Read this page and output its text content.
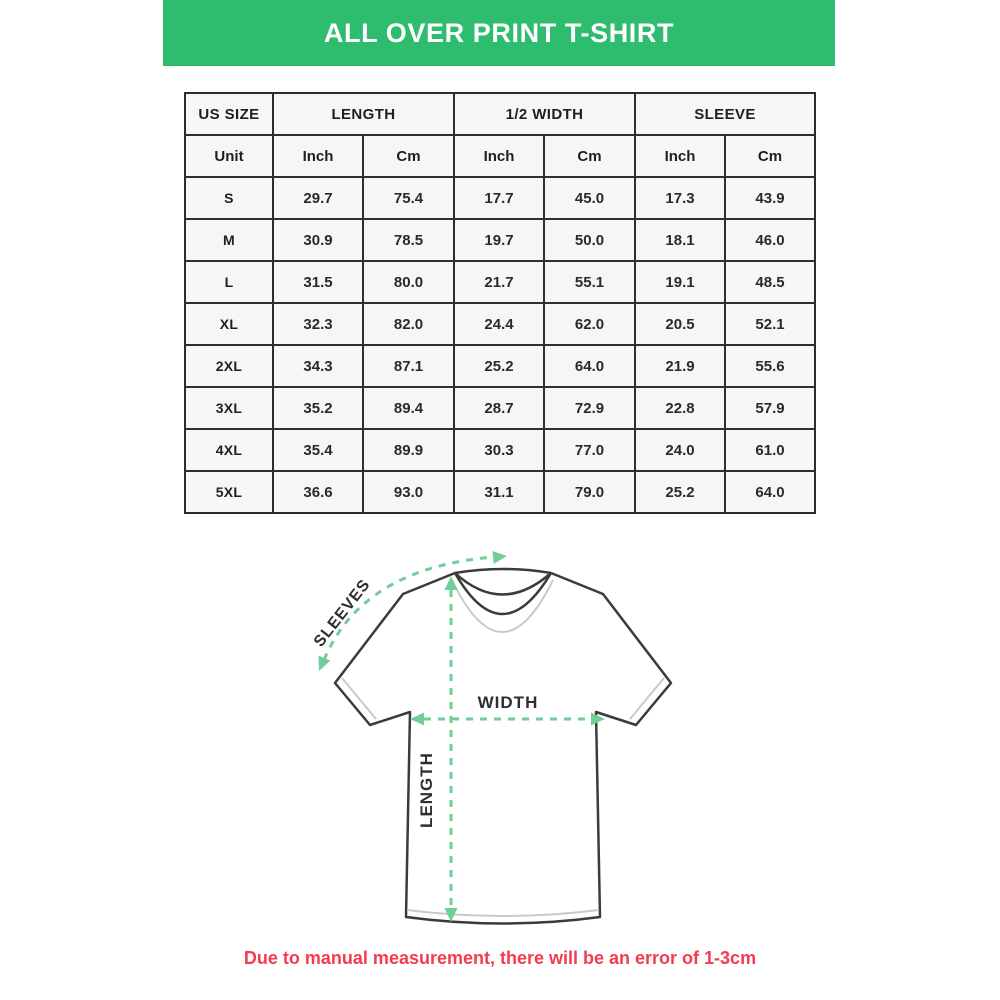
ALL OVER PRINT T-SHIRT
US SIZE	LENGTH		1/2 WIDTH		SLEEVE	
Unit	Inch	Cm	Inch	Cm	Inch	Cm
S	29.7	75.4	17.7	45.0	17.3	43.9
M	30.9	78.5	19.7	50.0	18.1	46.0
L	31.5	80.0	21.7	55.1	19.1	48.5
XL	32.3	82.0	24.4	62.0	20.5	52.1
2XL	34.3	87.1	25.2	64.0	21.9	55.6
3XL	35.2	89.4	28.7	72.9	22.8	57.9
4XL	35.4	89.9	30.3	77.0	24.0	61.0
5XL	36.6	93.0	31.1	79.0	25.2	64.0
WIDTH
LENGTH
SLEEVES
Due to manual measurement, there will be an error of 1-3cm
